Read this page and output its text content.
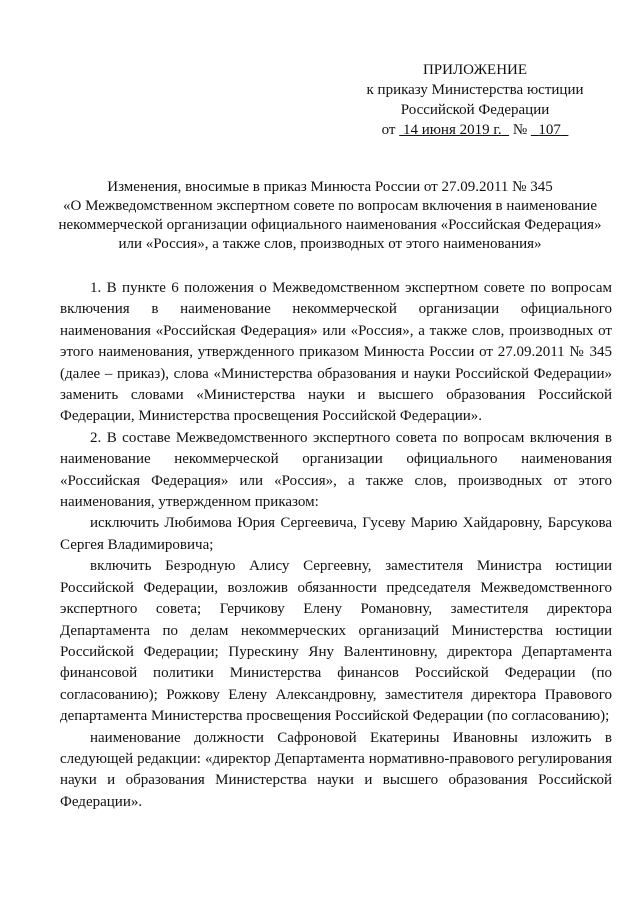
ПРИЛОЖЕНИЕ
к приказу Министерства юстиции
Российской Федерации
от 14 июня 2019 г. № 107
Изменения, вносимые в приказ Минюста России от 27.09.2011 № 345
«О Межведомственном экспертном совете по вопросам включения в наименование
некоммерческой организации официального наименования «Российская Федерация»
или «Россия», а также слов, производных от этого наименования»

1. В пункте 6 положения о Межведомственном экспертном совете по вопросам включения в наименование некоммерческой организации официального наименования «Российская Федерация» или «Россия», а также слов, производных от этого наименования, утвержденного приказом Минюста России от 27.09.2011 № 345 (далее – приказ), слова «Министерства образования и науки Российской Федерации» заменить словами «Министерства науки и высшего образования Российской Федерации, Министерства просвещения Российской Федерации».

2. В составе Межведомственного экспертного совета по вопросам включения в наименование некоммерческой организации официального наименования «Российская Федерация» или «Россия», а также слов, производных от этого наименования, утвержденном приказом:

исключить Любимова Юрия Сергеевича, Гусеву Марию Хайдаровну, Барсукова Сергея Владимировича;

включить Безродную Алису Сергеевну, заместителя Министра юстиции Российской Федерации, возложив обязанности председателя Межведомственного экспертного совета; Герчикову Елену Романовну, заместителя директора Департамента по делам некоммерческих организаций Министерства юстиции Российской Федерации; Пурескину Яну Валентиновну, директора Департамента финансовой политики Министерства финансов Российской Федерации (по согласованию); Рожкову Елену Александровну, заместителя директора Правового департамента Министерства просвещения Российской Федерации (по согласованию);

наименование должности Сафроновой Екатерины Ивановны изложить в следующей редакции: «директор Департамента нормативно-правового регулирования науки и образования Министерства науки и высшего образования Российской Федерации».
